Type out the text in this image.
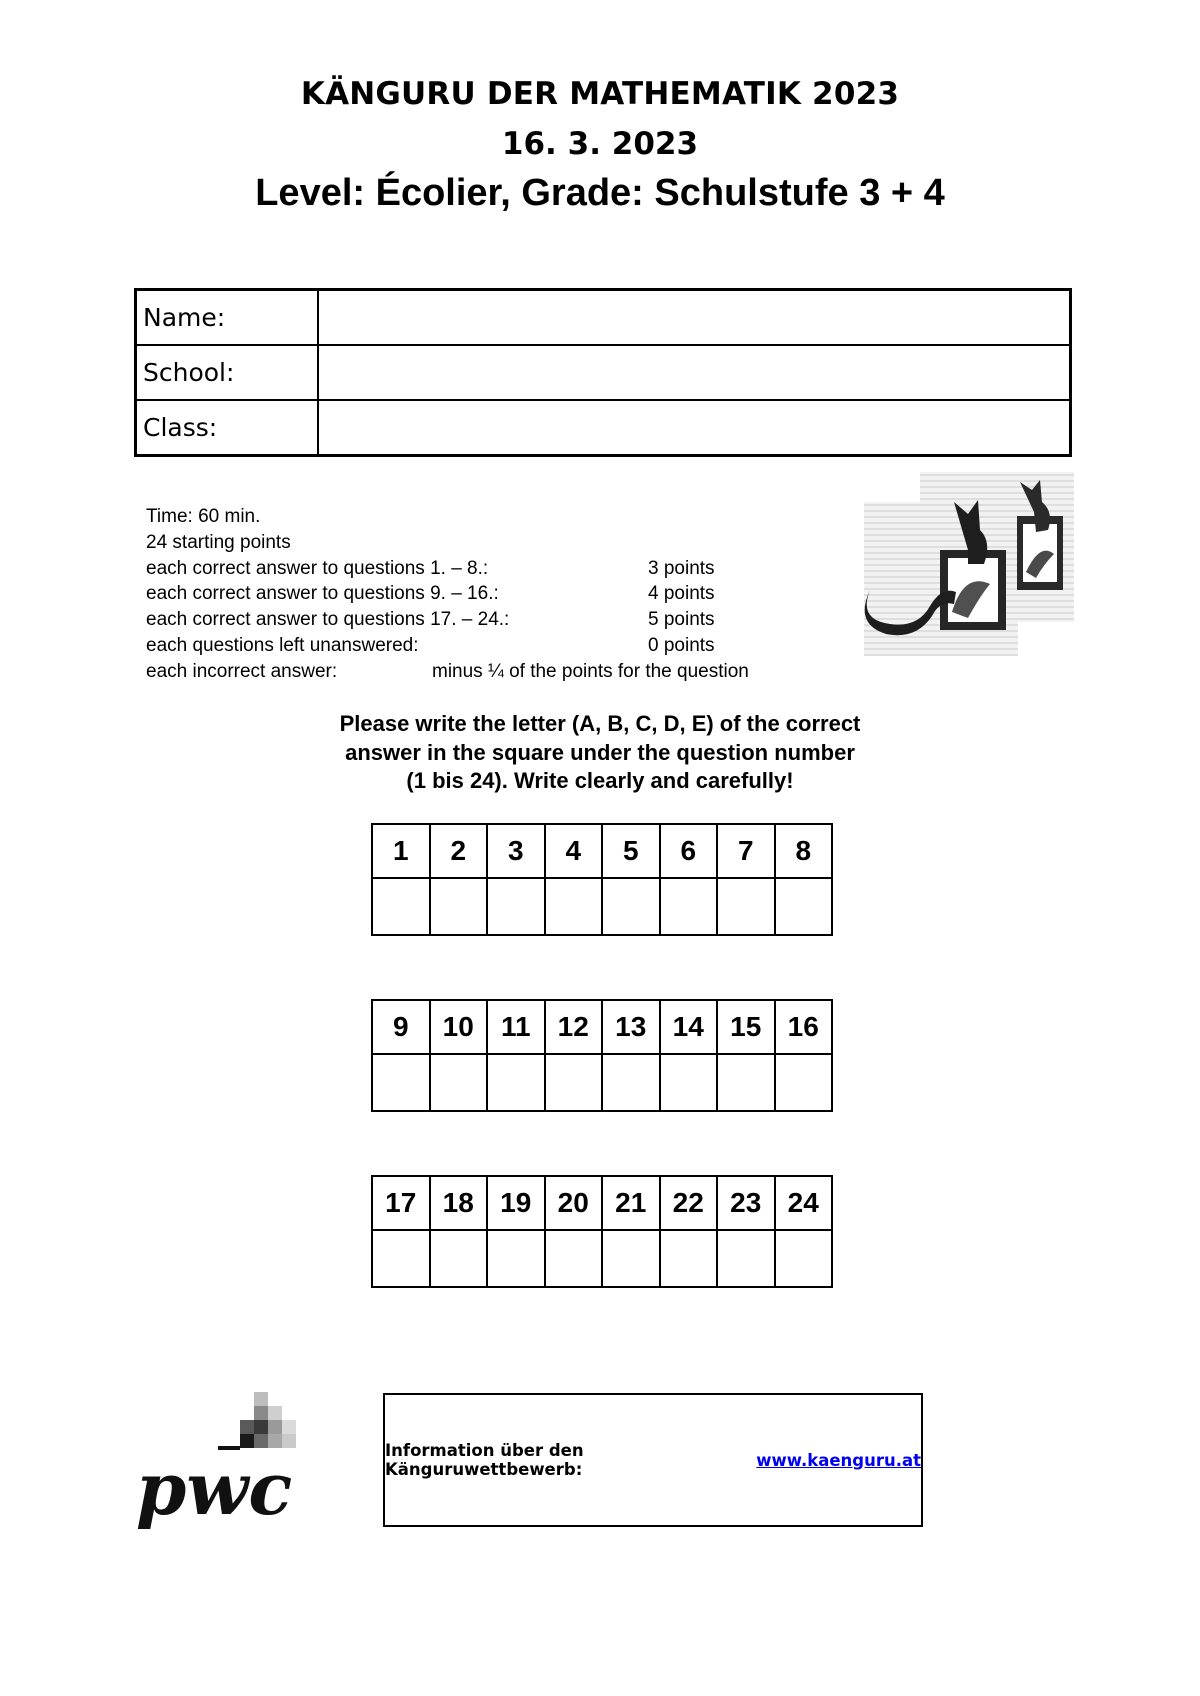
KÄNGURU DER MATHEMATIK 2023
16. 3. 2023
Level: Écolier, Grade: Schulstufe 3 + 4
Name:	
School:	
Class:	
Time: 60 min.
24 starting points
each correct answer to questions 1. – 8.:	3 points
each correct answer to questions 9. – 16.:	4 points
each correct answer to questions 17. – 24.:	5 points
each questions left unanswered:	0 points
each incorrect answer:	minus ¼ of the points for the question
Please write the letter (A, B, C, D, E) of the correct
answer in the square under the question number
(1 bis 24). Write clearly and carefully!
1	2	3	4	5	6	7	8

9	10	11	12	13	14	15	16

17	18	19	20	21	22	23	24

pwc	Information über den Känguruwettbewerb:	www.kaenguru.at
